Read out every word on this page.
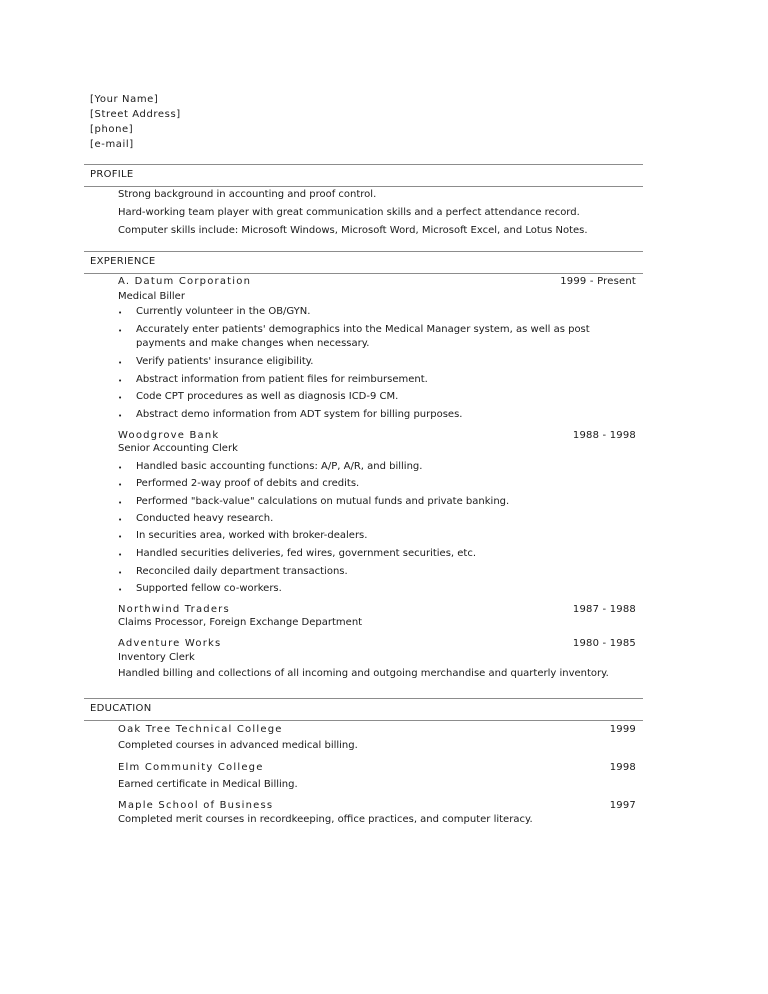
[Your Name]
[Street Address]
[phone]
[e-mail]
PROFILE
Strong background in accounting and proof control.
Hard-working team player with great communication skills and a perfect attendance record.
Computer skills include: Microsoft Windows, Microsoft Word, Microsoft Excel, and Lotus Notes.
EXPERIENCE
A. Datum Corporation	1999 - Present
Medical Biller
• Currently volunteer in the OB/GYN.
• Accurately enter patients' demographics into the Medical Manager system, as well as post
payments and make changes when necessary.
• Verify patients' insurance eligibility.
• Abstract information from patient files for reimbursement.
• Code CPT procedures as well as diagnosis ICD-9 CM.
• Abstract demo information from ADT system for billing purposes.
Woodgrove Bank	1988 - 1998
Senior Accounting Clerk
• Handled basic accounting functions: A/P, A/R, and billing.
• Performed 2-way proof of debits and credits.
• Performed "back-value" calculations on mutual funds and private banking.
• Conducted heavy research.
• In securities area, worked with broker-dealers.
• Handled securities deliveries, fed wires, government securities, etc.
• Reconciled daily department transactions.
• Supported fellow co-workers.
Northwind Traders	1987 - 1988
Claims Processor, Foreign Exchange Department
Adventure Works	1980 - 1985
Inventory Clerk
Handled billing and collections of all incoming and outgoing merchandise and quarterly inventory.
EDUCATION
Oak Tree Technical College	1999
Completed courses in advanced medical billing.
Elm Community College	1998
Earned certificate in Medical Billing.
Maple School of Business	1997
Completed merit courses in recordkeeping, office practices, and computer literacy.
